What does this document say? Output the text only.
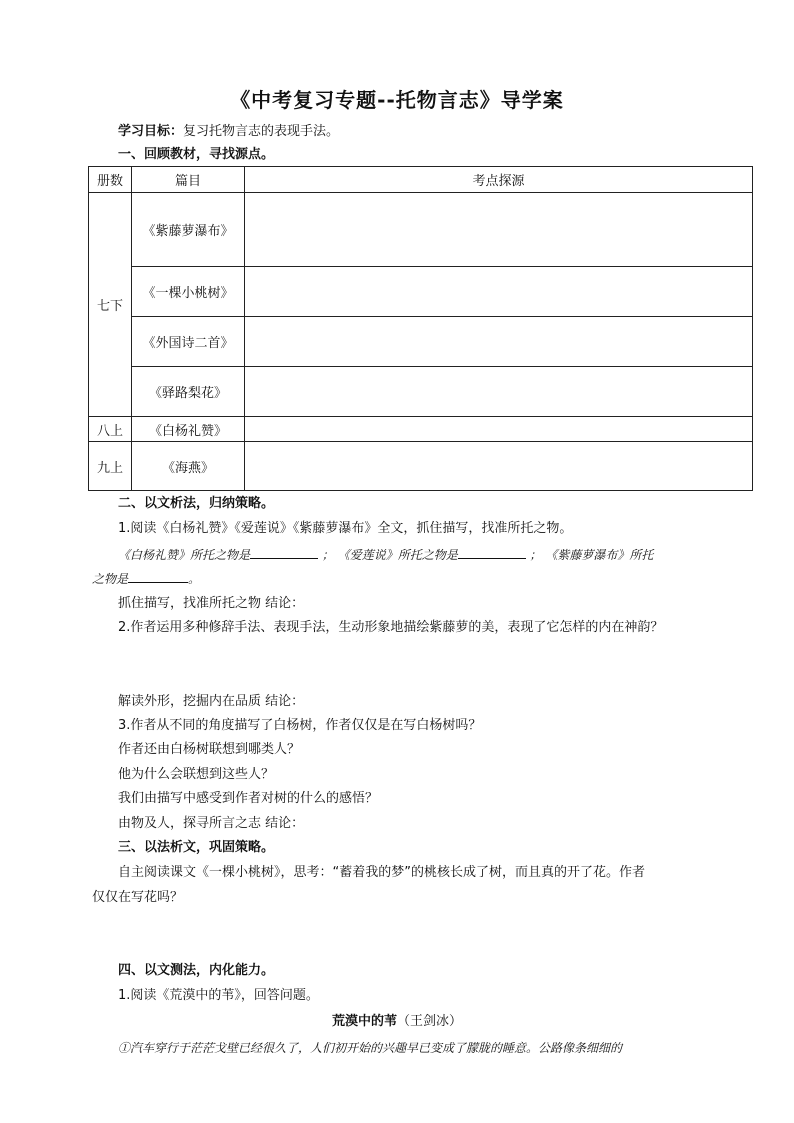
《中考复习专题--托物言志》导学案
学习目标：复习托物言志的表现手法。
一、回顾教材，寻找源点。
册数	篇目	考点探源
七下	《紫藤萝瀑布》	
	《一棵小桃树》	
	《外国诗二首》	
	《驿路梨花》	
八上	《白杨礼赞》	
九上	《海燕》	
二、以文析法，归纳策略。
1.阅读《白杨礼赞》《爱莲说》《紫藤萝瀑布》全文，抓住描写，找准所托之物。
《白杨礼赞》所托之物是	； 《爱莲说》所托之物是	； 《紫藤萝瀑布》所托
之物是	。
抓住描写，找准所托之物 结论：
2.作者运用多种修辞手法、表现手法，生动形象地描绘紫藤萝的美，表现了它怎样的内在神韵？
解读外形，挖掘内在品质 结论：
3.作者从不同的角度描写了白杨树，作者仅仅是在写白杨树吗？
作者还由白杨树联想到哪类人？
他为什么会联想到这些人？
我们由描写中感受到作者对树的什么的感悟？
由物及人，探寻所言之志 结论：
三、以法析文，巩固策略。
自主阅读课文《一棵小桃树》，思考：“蓄着我的梦”的桃核长成了树，而且真的开了花。作者
仅仅在写花吗？
四、以文测法，内化能力。
1.阅读《荒漠中的苇》，回答问题。
荒漠中的苇（王剑冰）
①汽车穿行于茫茫戈壁已经很久了，人们初开始的兴趣早已变成了朦胧的睡意。公路像条细细的
